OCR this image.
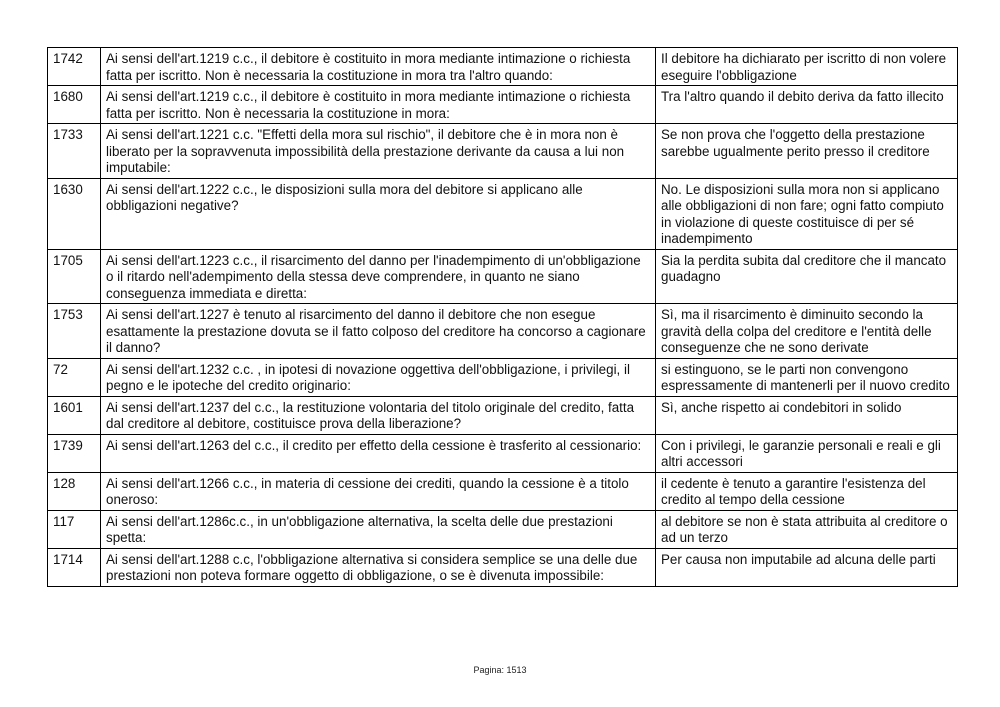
1742	Ai sensi dell'art.1219 c.c., il debitore è costituito in mora mediante intimazione o richiesta fatta per iscritto. Non è necessaria la costituzione in mora tra l'altro quando:	Il debitore ha dichiarato per iscritto di non volere eseguire l'obbligazione
1680	Ai sensi dell'art.1219 c.c., il debitore è costituito in mora mediante intimazione o richiesta fatta per iscritto. Non è necessaria la costituzione in mora:	Tra l'altro quando il debito deriva da fatto illecito
1733	Ai sensi dell'art.1221 c.c. "Effetti della mora sul rischio", il debitore che è in mora non è liberato per la sopravvenuta impossibilità della prestazione derivante da causa a lui non imputabile:	Se non prova che l'oggetto della prestazione sarebbe ugualmente perito presso il creditore
1630	Ai sensi dell'art.1222 c.c., le disposizioni sulla mora del debitore si applicano alle obbligazioni negative?	No. Le disposizioni sulla mora non si applicano alle obbligazioni di non fare; ogni fatto compiuto in violazione di queste costituisce di per sé inadempimento
1705	Ai sensi dell'art.1223 c.c., il risarcimento del danno per l'inadempimento di un'obbligazione o il ritardo nell'adempimento della stessa deve comprendere, in quanto ne siano conseguenza immediata e diretta:	Sia la perdita subita dal creditore che il mancato guadagno
1753	Ai sensi dell'art.1227 è tenuto al risarcimento del danno il debitore che non esegue esattamente la prestazione dovuta se il fatto colposo del creditore ha concorso a cagionare il danno?	Sì, ma il risarcimento è diminuito secondo la gravità della colpa del creditore e l'entità delle conseguenze che ne sono derivate
72	Ai sensi dell'art.1232 c.c. , in ipotesi di novazione oggettiva dell'obbligazione, i privilegi, il pegno e le ipoteche del credito originario:	si estinguono, se le parti non convengono espressamente di mantenerli per il nuovo credito
1601	Ai sensi dell'art.1237 del c.c., la restituzione volontaria del titolo originale del credito, fatta dal creditore al debitore, costituisce prova della liberazione?	Sì, anche rispetto ai condebitori in solido
1739	Ai sensi dell'art.1263 del c.c., il credito per effetto della cessione è trasferito al cessionario:	Con i privilegi, le garanzie personali e reali e gli altri accessori
128	Ai sensi dell'art.1266 c.c., in materia di cessione dei crediti, quando la cessione è a titolo oneroso:	il cedente è tenuto a garantire l'esistenza del credito al tempo della cessione
117	Ai sensi dell'art.1286c.c., in un'obbligazione alternativa, la scelta delle due prestazioni spetta:	al debitore se non è stata attribuita al creditore o ad un terzo
1714	Ai sensi dell'art.1288 c.c, l'obbligazione alternativa si considera semplice se una delle due prestazioni non poteva formare oggetto di obbligazione, o se è divenuta impossibile:	Per causa non imputabile ad alcuna delle parti
Pagina: 1513
